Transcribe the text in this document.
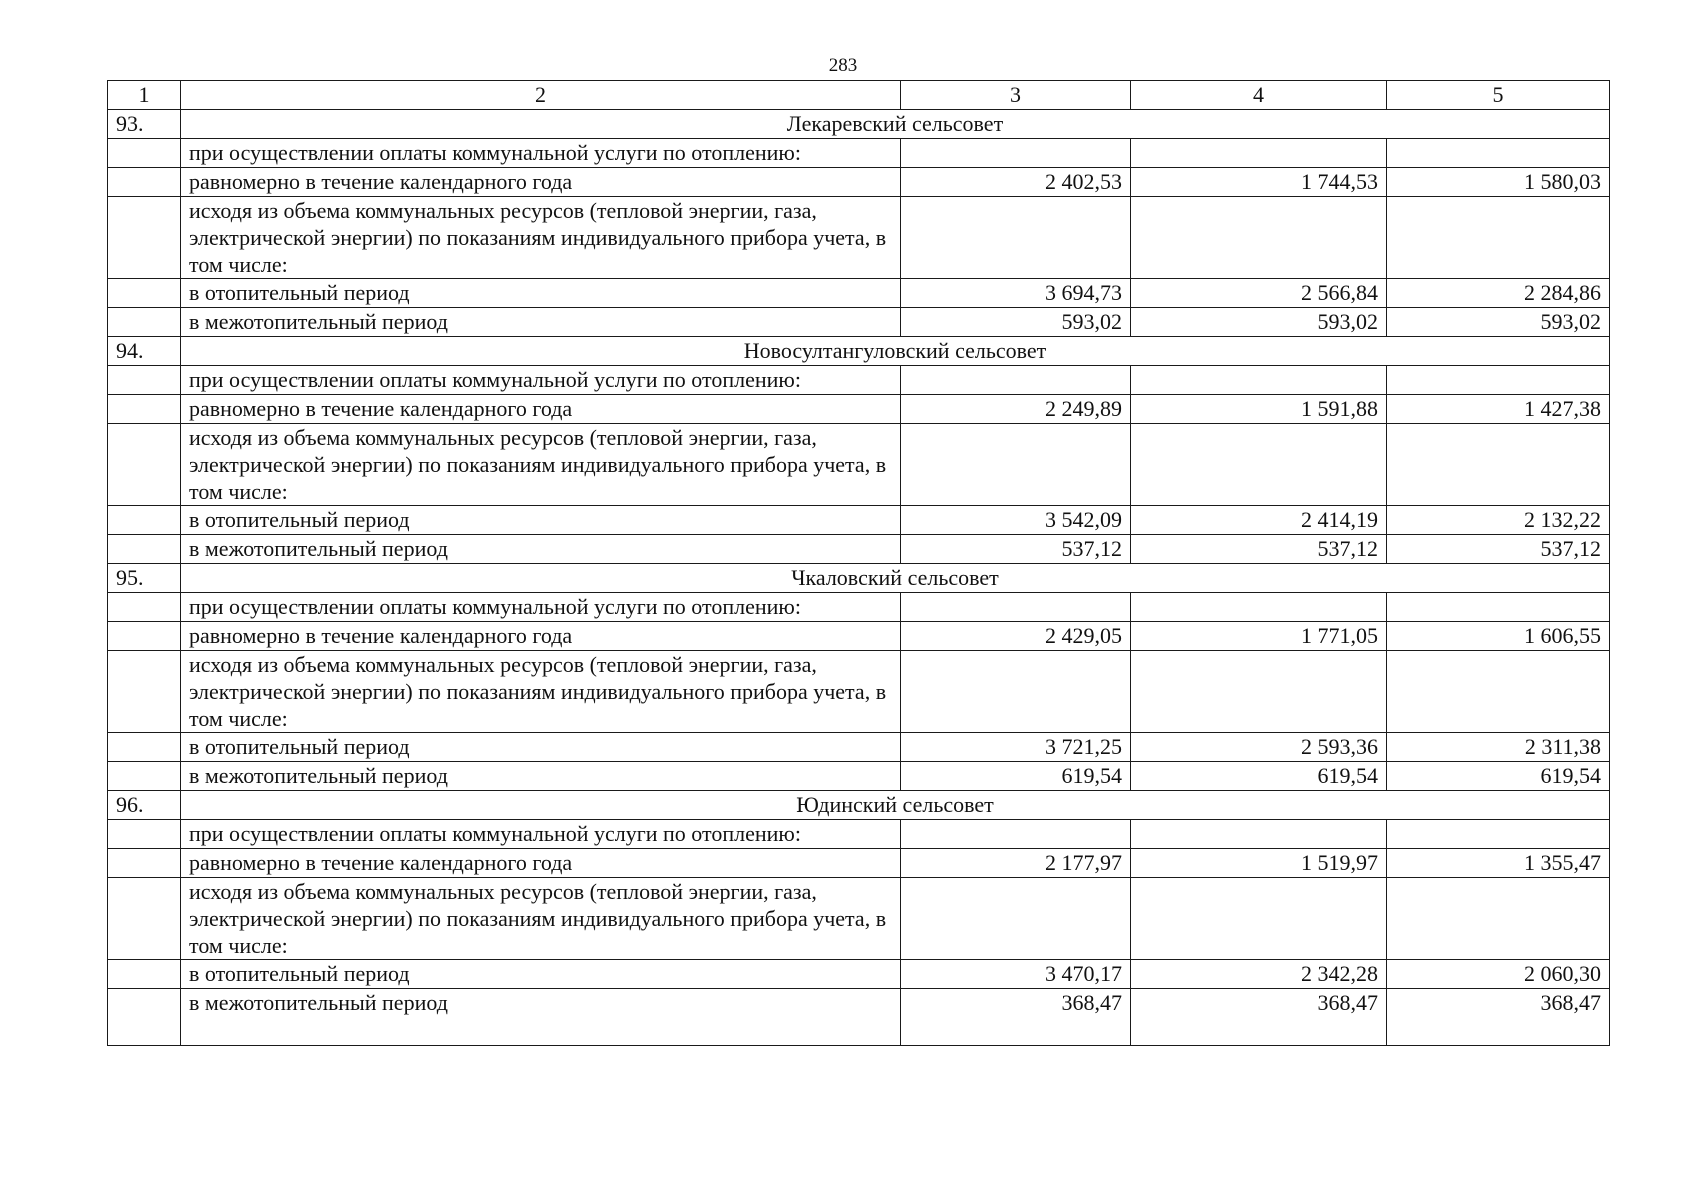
283
1	2	3	4	5
93.	Лекаревский сельсовет			
	при осуществлении оплаты коммунальной услуги по отоплению:			
	равномерно в течение календарного года	2 402,53	1 744,53	1 580,03
	исходя из объема коммунальных ресурсов (тепловой энергии, газа, электрической энергии) по показаниям индивидуального прибора учета, в том числе:			
	в отопительный период	3 694,73	2 566,84	2 284,86
	в межотопительный период	593,02	593,02	593,02
94.	Новосултангуловский сельсовет			
	при осуществлении оплаты коммунальной услуги по отоплению:			
	равномерно в течение календарного года	2 249,89	1 591,88	1 427,38
	исходя из объема коммунальных ресурсов (тепловой энергии, газа, электрической энергии) по показаниям индивидуального прибора учета, в том числе:			
	в отопительный период	3 542,09	2 414,19	2 132,22
	в межотопительный период	537,12	537,12	537,12
95.	Чкаловский сельсовет			
	при осуществлении оплаты коммунальной услуги по отоплению:			
	равномерно в течение календарного года	2 429,05	1 771,05	1 606,55
	исходя из объема коммунальных ресурсов (тепловой энергии, газа, электрической энергии) по показаниям индивидуального прибора учета, в том числе:			
	в отопительный период	3 721,25	2 593,36	2 311,38
	в межотопительный период	619,54	619,54	619,54
96.	Юдинский сельсовет			
	при осуществлении оплаты коммунальной услуги по отоплению:			
	равномерно в течение календарного года	2 177,97	1 519,97	1 355,47
	исходя из объема коммунальных ресурсов (тепловой энергии, газа, электрической энергии) по показаниям индивидуального прибора учета, в том числе:			
	в отопительный период	3 470,17	2 342,28	2 060,30
	в межотопительный период	368,47	368,47	368,47
